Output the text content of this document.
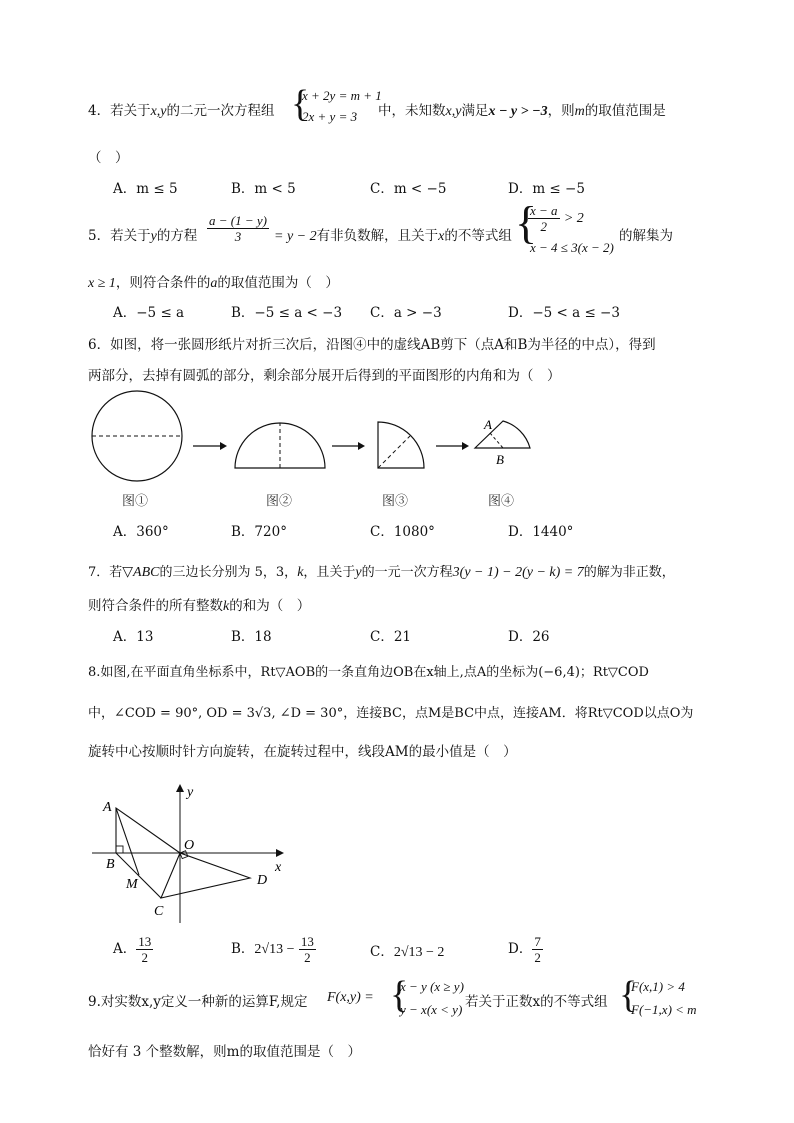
4．若关于x,y的二元一次方程组 {
x + 2y = m + 1
2x + y = 3 中，未知数x,y满足x − y > −3，则m的取值范围是
（　）
A．m ≤ 5	B．m < 5	C．m < −5	D．m ≤ −5
5．若关于y的方程 $\frac{a - (1 - y)}{3} = y - 2$有非负数解，且关于x的不等式组 {
$\frac{x - a}{2} > 2$
x − 4 ≤ 3(x − 2)
的解集为
x ≥ 1，则符合条件的a的取值范围为（　）
A．−5 ≤ a	B．−5 ≤ a < −3 C．a > −3	D．−5 < a ≤ −3
6．如图，将一张圆形纸片对折三次后，沿图④中的虚线AB剪下（点A和B为半径的中点），得到
两部分，去掉有圆弧的部分，剩余部分展开后得到的平面图形的内角和为（　）
A
B
图①	图②	图③	图④
A．360°	B．720°	C．1080°	D．1440°
7．若▽ABC的三边长分别为 5，3，k，且关于y的一元一次方程3(y − 1) − 2(y − k) = 7的解为非正数，
则符合条件的所有整数k的和为（　）
A．13	B．18	C．21	D．26
8.如图,在平面直角坐标系中，Rt▽AOB的一条直角边OB在x轴上,点A的坐标为(−6,4)；Rt▽COD
中，∠COD = 90°, OD = 3√3, ∠D = 30°，连接BC，点M是BC中点，连接AM．将Rt▽COD以点O为
旋转中心按顺时针方向旋转，在旋转过程中，线段AM的最小值是（　）
A
B
M
C
O
D
x
y
A． $\frac{13}{2}$	B．$2√13 - \frac{13}{2}$	C．2√13 − 2	D． $\frac{7}{2}$
9.对实数x,y定义一种新的运算F,规定 F(x,y) = {
x − y (x ≥ y)
y − x(x < y) 若关于正数x的不等式组 {
F(x,1) > 4
F(−1,x) < m
恰好有 3 个整数解，则m的取值范围是（　）
